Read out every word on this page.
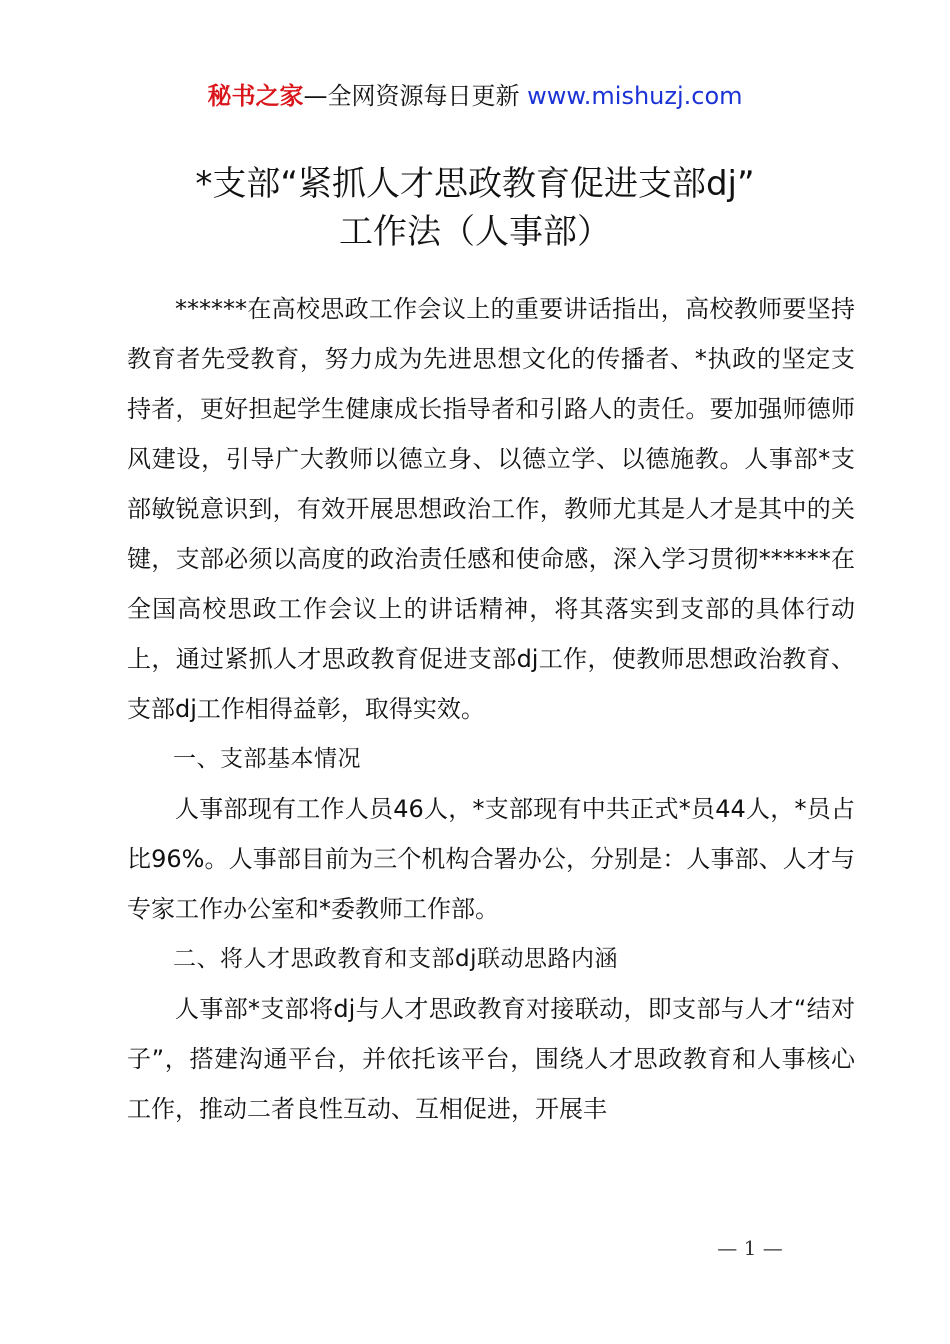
秘书之家—全网资源每日更新 www.mishuzj.com
*支部“紧抓人才思政教育促进支部dj”
工作法（人事部）

******在高校思政工作会议上的重要讲话指出，高校教师要坚持教育者先受教育，努力成为先进思想文化的传播者、*执政的坚定支持者，更好担起学生健康成长指导者和引路人的责任。要加强师德师风建设，引导广大教师以德立身、以德立学、以德施教。人事部*支部敏锐意识到，有效开展思想政治工作，教师尤其是人才是其中的关键，支部必须以高度的政治责任感和使命感，深入学习贯彻******在全国高校思政工作会议上的讲话精神，将其落实到支部的具体行动上，通过紧抓人才思政教育促进支部dj工作，使教师思想政治教育、支部dj工作相得益彰，取得实效。

一、支部基本情况

人事部现有工作人员46人，*支部现有中共正式*员44人，*员占比96%。人事部目前为三个机构合署办公，分别是：人事部、人才与专家工作办公室和*委教师工作部。

二、将人才思政教育和支部dj联动思路内涵

人事部*支部将dj与人才思政教育对接联动，即支部与人才“结对子”，搭建沟通平台，并依托该平台，围绕人才思政教育和人事核心工作，推动二者良性互动、互相促进，开展丰

— 1 —
